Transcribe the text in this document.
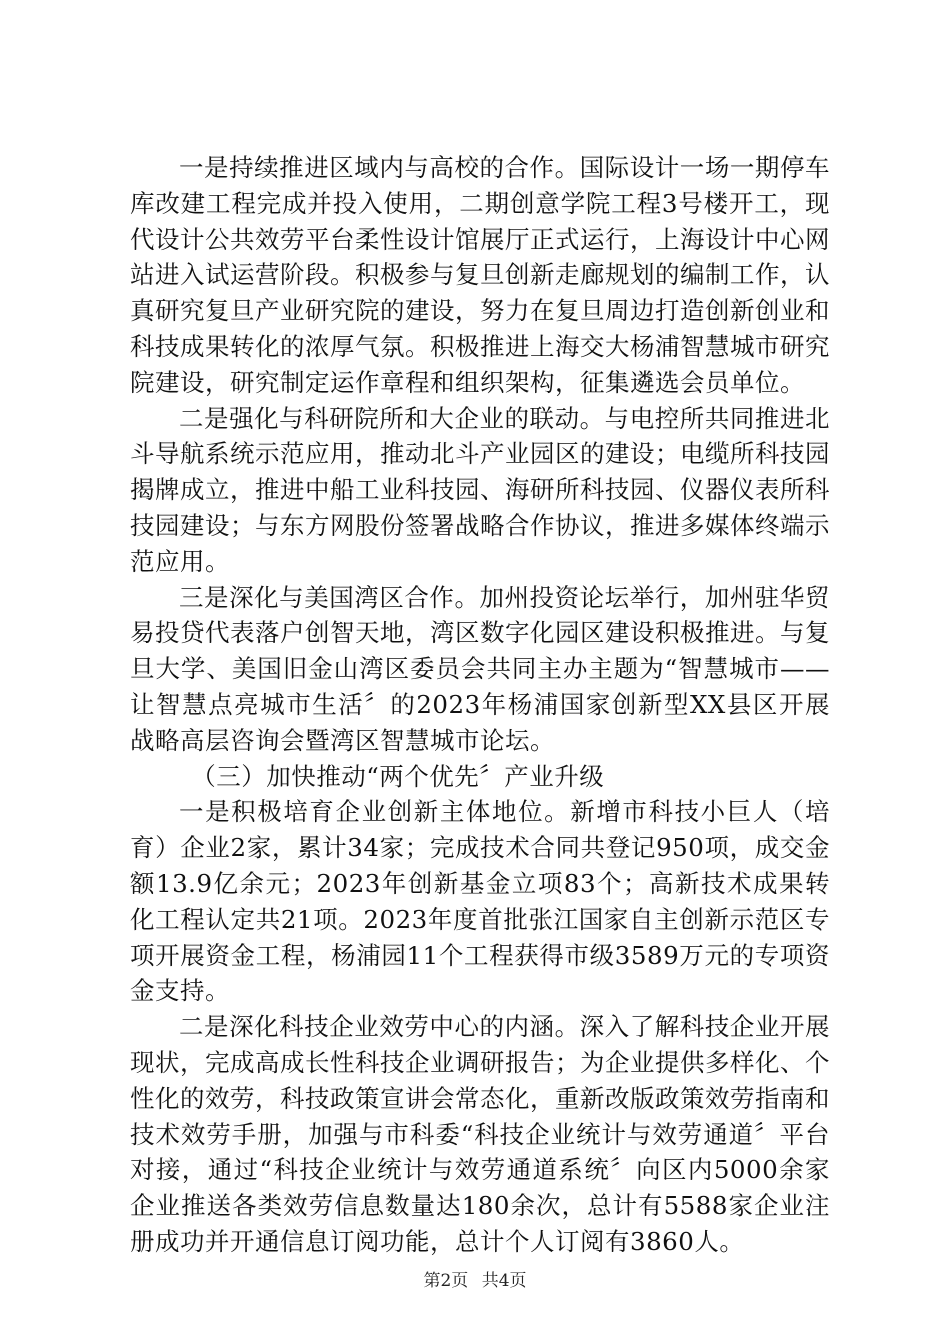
一是持续推进区域内与高校的合作。国际设计一场一期停车库改建工程完成并投入使用，二期创意学院工程3号楼开工，现代设计公共效劳平台柔性设计馆展厅正式运行，上海设计中心网站进入试运营阶段。积极参与复旦创新走廊规划的编制工作，认真研究复旦产业研究院的建设，努力在复旦周边打造创新创业和科技成果转化的浓厚气氛。积极推进上海交大杨浦智慧城市研究院建设，研究制定运作章程和组织架构，征集遴选会员单位。

二是强化与科研院所和大企业的联动。与电控所共同推进北斗导航系统示范应用，推动北斗产业园区的建设；电缆所科技园揭牌成立，推进中船工业科技园、海研所科技园、仪器仪表所科技园建设；与东方网股份签署战略合作协议，推进多媒体终端示范应用。

三是深化与美国湾区合作。加州投资论坛举行，加州驻华贸易投贷代表落户创智天地，湾区数字化园区建设积极推进。与复旦大学、美国旧金山湾区委员会共同主办主题为“智慧城市——让智慧点亮城市生活〞的2023年杨浦国家创新型XX县区开展战略高层咨询会暨湾区智慧城市论坛。

（三）加快推动“两个优先〞产业升级

一是积极培育企业创新主体地位。新增市科技小巨人（培育）企业2家，累计34家；完成技术合同共登记950项，成交金额13.9亿余元；2023年创新基金立项83个；高新技术成果转化工程认定共21项。2023年度首批张江国家自主创新示范区专项开展资金工程，杨浦园11个工程获得市级3589万元的专项资金支持。

二是深化科技企业效劳中心的内涵。深入了解科技企业开展现状，完成高成长性科技企业调研报告；为企业提供多样化、个性化的效劳，科技政策宣讲会常态化，重新改版政策效劳指南和技术效劳手册，加强与市科委“科技企业统计与效劳通道〞平台对接，通过“科技企业统计与效劳通道系统〞向区内5000余家企业推送各类效劳信息数量达180余次，总计有5588家企业注册成功并开通信息订阅功能，总计个人订阅有3860人。

第2页 共4页
